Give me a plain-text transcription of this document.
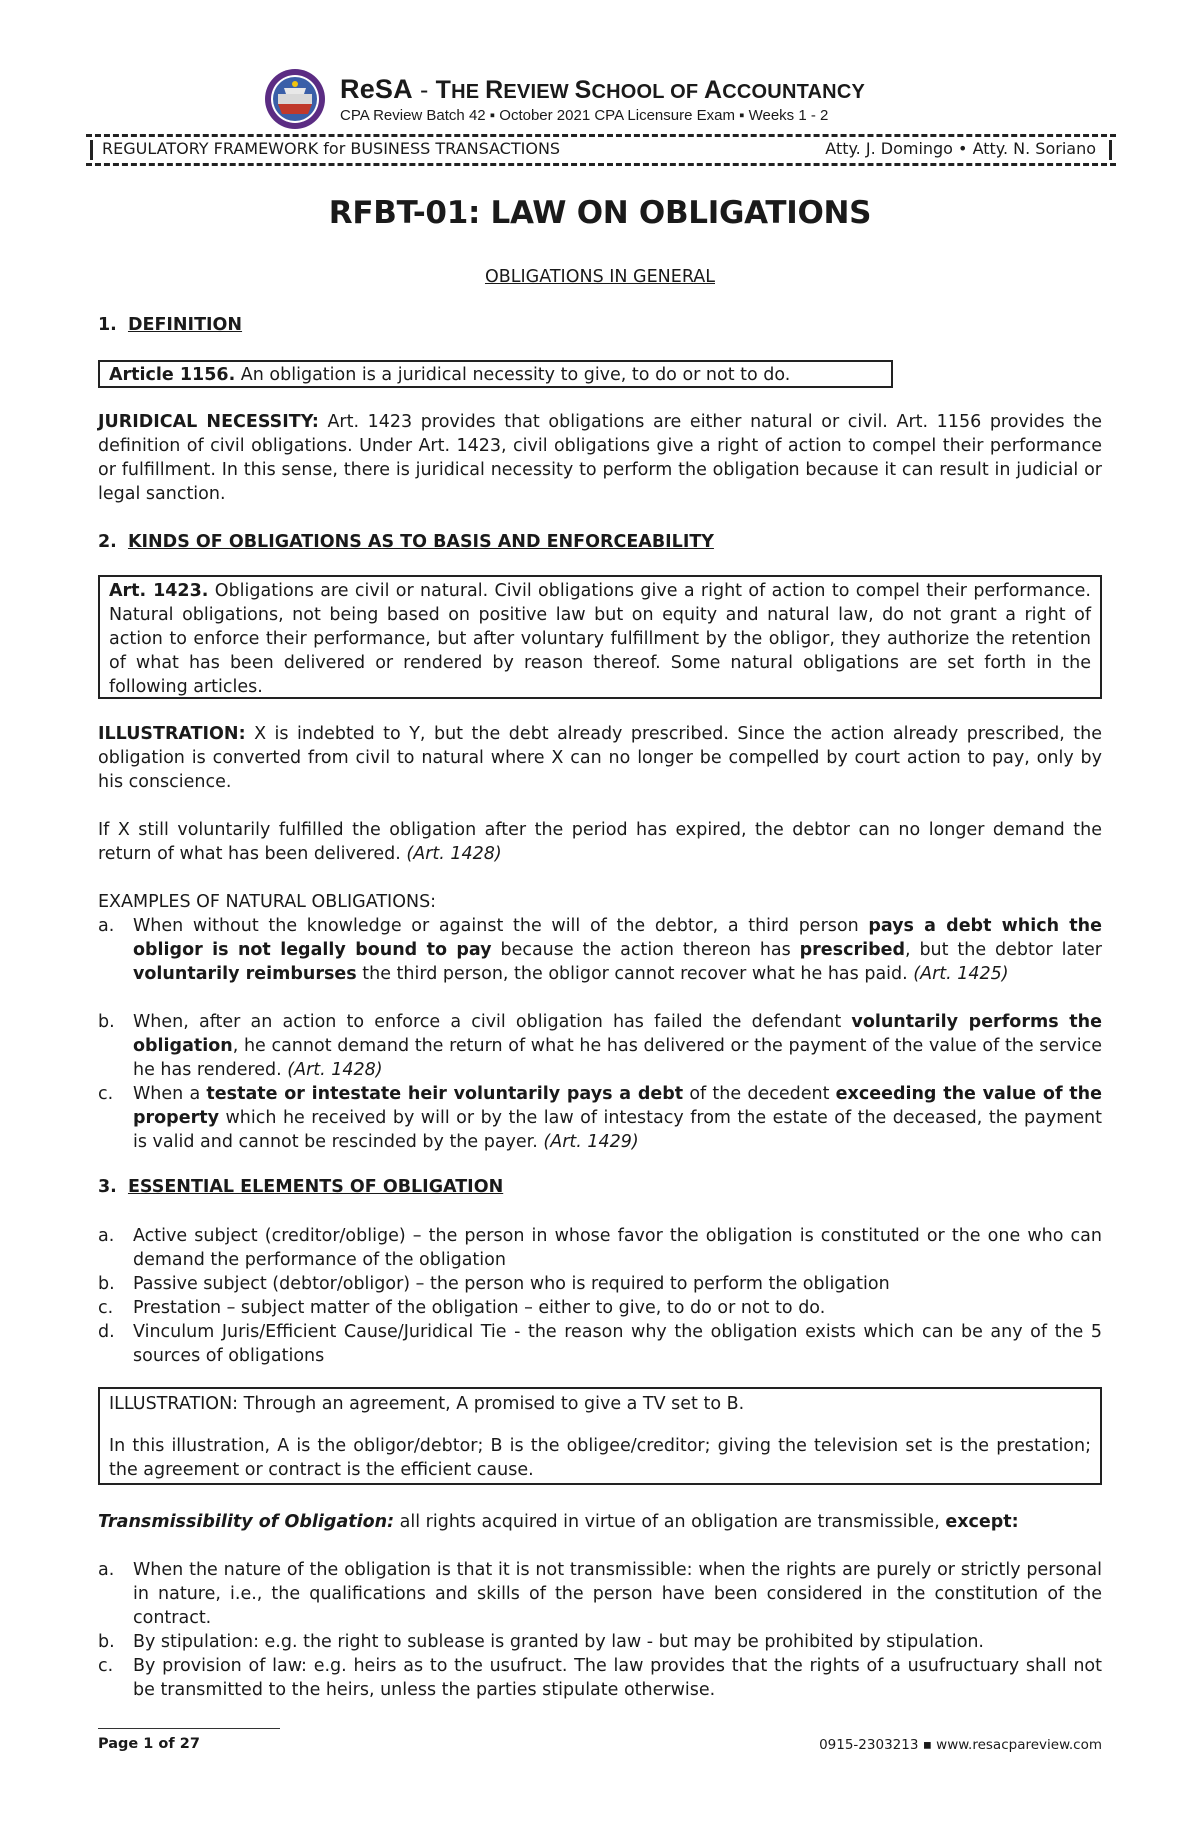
ReSA - THE REVIEW SCHOOL OF ACCOUNTANCY
CPA Review Batch 42 ▪ October 2021 CPA Licensure Exam ▪ Weeks 1 - 2
REGULATORY FRAMEWORK for BUSINESS TRANSACTIONS	Atty. J. Domingo • Atty. N. Soriano
RFBT-01: LAW ON OBLIGATIONS
OBLIGATIONS IN GENERAL
1. DEFINITION
Article 1156. An obligation is a juridical necessity to give, to do or not to do.
JURIDICAL NECESSITY: Art. 1423 provides that obligations are either natural or civil. Art. 1156 provides the definition of civil obligations. Under Art. 1423, civil obligations give a right of action to compel their performance or fulfillment. In this sense, there is juridical necessity to perform the obligation because it can result in judicial or legal sanction.
2. KINDS OF OBLIGATIONS AS TO BASIS AND ENFORCEABILITY
Art. 1423. Obligations are civil or natural. Civil obligations give a right of action to compel their performance. Natural obligations, not being based on positive law but on equity and natural law, do not grant a right of action to enforce their performance, but after voluntary fulfillment by the obligor, they authorize the retention of what has been delivered or rendered by reason thereof. Some natural obligations are set forth in the following articles.
ILLUSTRATION: X is indebted to Y, but the debt already prescribed. Since the action already prescribed, the obligation is converted from civil to natural where X can no longer be compelled by court action to pay, only by his conscience.
If X still voluntarily fulfilled the obligation after the period has expired, the debtor can no longer demand the return of what has been delivered. (Art. 1428)
EXAMPLES OF NATURAL OBLIGATIONS:
a. When without the knowledge or against the will of the debtor, a third person pays a debt which the obligor is not legally bound to pay because the action thereon has prescribed, but the debtor later voluntarily reimburses the third person, the obligor cannot recover what he has paid. (Art. 1425)
b. When, after an action to enforce a civil obligation has failed the defendant voluntarily performs the obligation, he cannot demand the return of what he has delivered or the payment of the value of the service he has rendered. (Art. 1428)
c. When a testate or intestate heir voluntarily pays a debt of the decedent exceeding the value of the property which he received by will or by the law of intestacy from the estate of the deceased, the payment is valid and cannot be rescinded by the payer. (Art. 1429)
3. ESSENTIAL ELEMENTS OF OBLIGATION
a. Active subject (creditor/oblige) – the person in whose favor the obligation is constituted or the one who can demand the performance of the obligation
b. Passive subject (debtor/obligor) – the person who is required to perform the obligation
c. Prestation – subject matter of the obligation – either to give, to do or not to do.
d. Vinculum Juris/Efficient Cause/Juridical Tie - the reason why the obligation exists which can be any of the 5 sources of obligations
ILLUSTRATION: Through an agreement, A promised to give a TV set to B.
In this illustration, A is the obligor/debtor; B is the obligee/creditor; giving the television set is the prestation; the agreement or contract is the efficient cause.
Transmissibility of Obligation: all rights acquired in virtue of an obligation are transmissible, except:
a. When the nature of the obligation is that it is not transmissible: when the rights are purely or strictly personal in nature, i.e., the qualifications and skills of the person have been considered in the constitution of the contract.
b. By stipulation: e.g. the right to sublease is granted by law - but may be prohibited by stipulation.
c. By provision of law: e.g. heirs as to the usufruct. The law provides that the rights of a usufructuary shall not be transmitted to the heirs, unless the parties stipulate otherwise.
Page 1 of 27	0915-2303213 ▪ www.resacpareview.com
